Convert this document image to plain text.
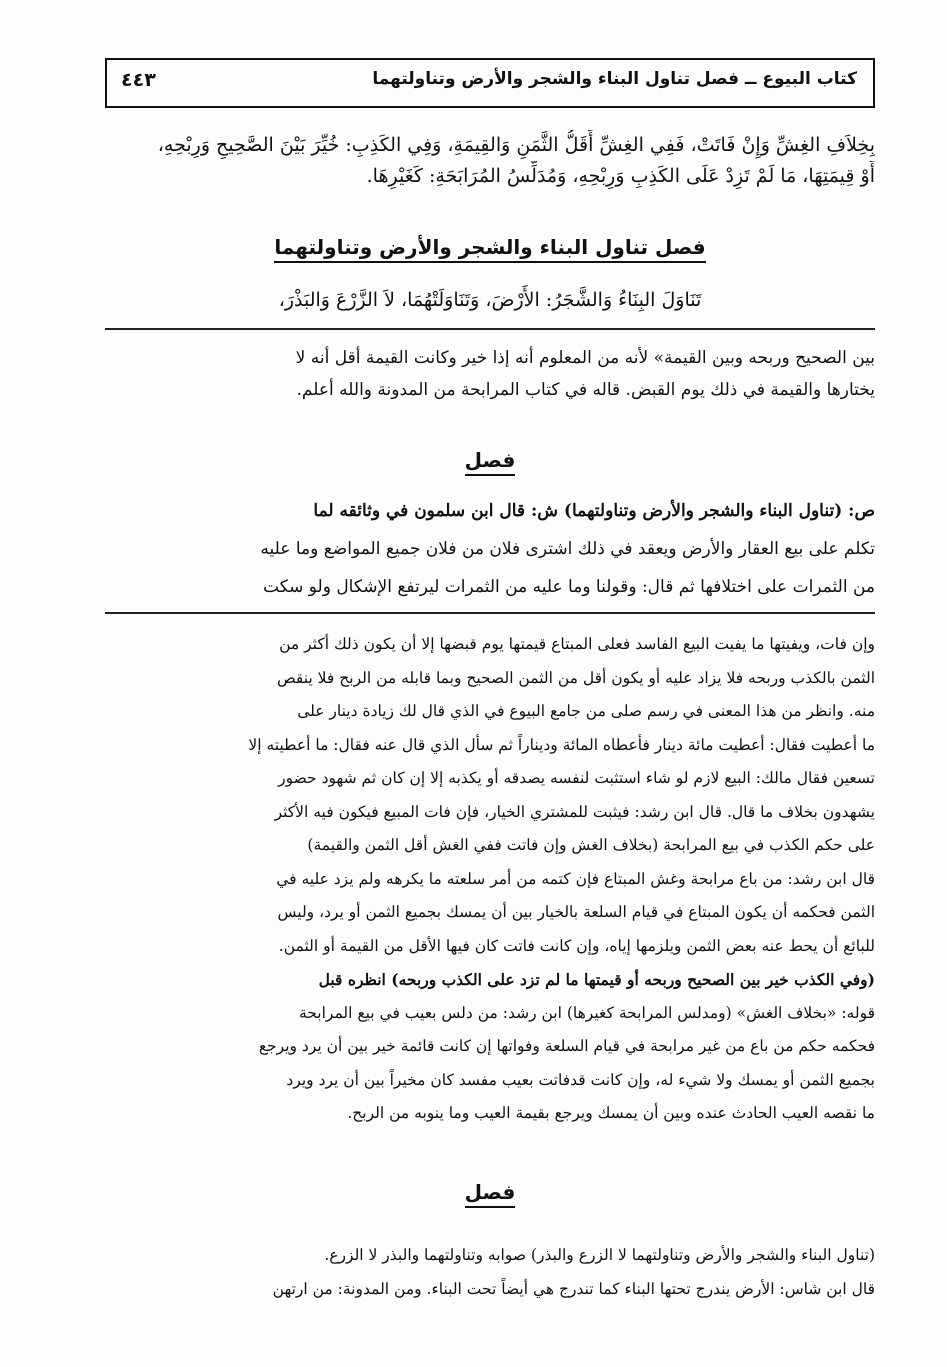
كتاب البيوع ــ فصل تناول البناء والشجر والأرض وتناولتهما
٤٤٣
بِخِلاَفِ الغِشِّ وَإِنْ فَاتَتْ، فَفِي الغِشِّ أَقَلُّ الثَّمَنِ وَالقِيمَةِ، وَفِي الكَذِبِ: خُيِّرَ بَيْنَ الصَّحِيحِ وَرِبْحِهِ،
أَوْ قِيمَتِهَا، مَا لَمْ تَزِدْ عَلَى الكَذِبِ وَرِبْحِهِ، وَمُدَلِّسُ المُرَابَحَةِ: كَغَيْرِهَا.
فصل تناول البناء والشجر والأرض وتناولتهما
تَنَاوَلَ البِنَاءُ وَالشَّجَرُ: الأَرْضَ، وَتَنَاوَلَتْهُمَا، لاَ الزَّرْعَ وَالبَذْرَ،
بين الصحيح وربحه وبين القيمة» لأنه من المعلوم أنه إذا خير وكانت القيمة أقل أنه لا
يختارها والقيمة في ذلك يوم القبض. قاله في كتاب المرابحة من المدونة والله أعلم.
فصل
ص: (تناول البناء والشجر والأرض وتناولتهما) ش: قال ابن سلمون في وثائقه لما
تكلم على بيع العقار والأرض ويعقد في ذلك اشترى فلان من فلان جميع المواضع وما عليه
من الثمرات على اختلافها ثم قال: وقولنا وما عليه من الثمرات ليرتفع الإشكال ولو سكت
وإن فات، ويفيتها ما يفيت البيع الفاسد فعلى المبتاع قيمتها يوم قبضها إلا أن يكون ذلك أكثر من
الثمن بالكذب وربحه فلا يزاد عليه أو يكون أقل من الثمن الصحيح وبما قابله من الربح فلا ينقص
منه. وانظر من هذا المعنى في رسم صلى من جامع البيوع في الذي قال لك زيادة دينار على
ما أعطيت فقال: أعطيت مائة دينار فأعطاه المائة وديناراً ثم سأل الذي قال عنه فقال: ما أعطيته إلا
تسعين فقال مالك: البيع لازم لو شاء استثبت لنفسه يصدقه أو يكذبه إلا إن كان ثم شهود حضور
يشهدون بخلاف ما قال. قال ابن رشد: فيثبت للمشتري الخيار، فإن فات المبيع فيكون فيه الأكثر
على حكم الكذب في بيع المرابحة (بخلاف الغش وإن فاتت ففي الغش أقل الثمن والقيمة)
قال ابن رشد: من باع مرابحة وغش المبتاع فإن كتمه من أمر سلعته ما يكرهه ولم يزد عليه في
الثمن فحكمه أن يكون المبتاع في قيام السلعة بالخيار بين أن يمسك بجميع الثمن أو يرد، وليس
للبائع أن يحط عنه بعض الثمن ويلزمها إياه، وإن كانت فاتت كان فيها الأقل من القيمة أو الثمن.
(وفي الكذب خير بين الصحيح وربحه أو قيمتها ما لم تزد على الكذب وربحه) انظره قبل
قوله: «بخلاف الغش» (ومدلس المرابحة كغيرها) ابن رشد: من دلس بعيب في بيع المرابحة
فحكمه حكم من باع من غير مرابحة في قيام السلعة وفواتها إن كانت قائمة خير بين أن يرد ويرجع
بجميع الثمن أو يمسك ولا شيء له، وإن كانت قدفاتت بعيب مفسد كان مخيراً بين أن يرد ويرد
ما نقصه العيب الحادث عنده وبين أن يمسك ويرجع بقيمة العيب وما ينوبه من الربح.
فصل
(تناول البناء والشجر والأرض وتناولتهما لا الزرع والبذر) صوابه وتناولتهما والبذر لا الزرع.
قال ابن شاس: الأرض يندرج تحتها البناء كما تندرج هي أيضاً تحت البناء. ومن المدونة: من ارتهن
